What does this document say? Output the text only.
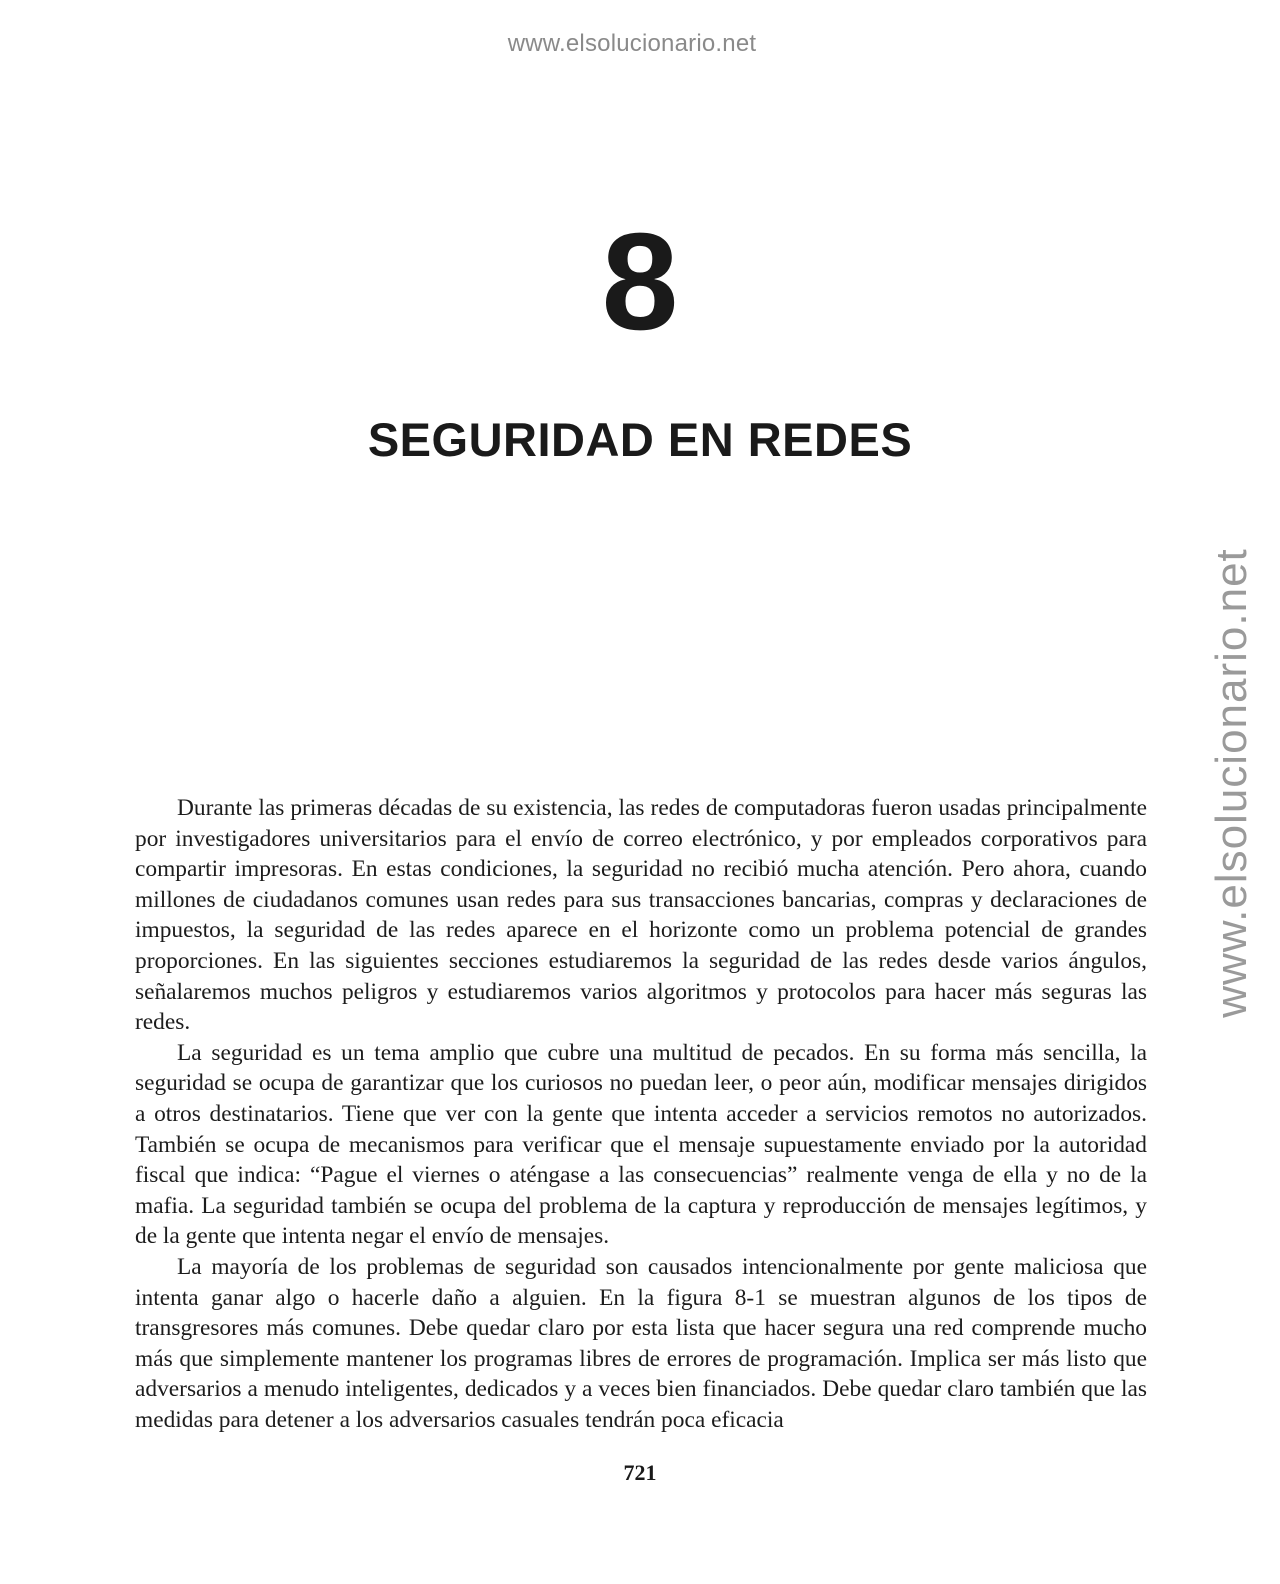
www.elsolucionario.net
www.elsolucionario.net
8
SEGURIDAD EN REDES

Durante las primeras décadas de su existencia, las redes de computadoras fueron usadas principalmente por investigadores universitarios para el envío de correo electrónico, y por empleados corporativos para compartir impresoras. En estas condiciones, la seguridad no recibió mucha atención. Pero ahora, cuando millones de ciudadanos comunes usan redes para sus transacciones bancarias, compras y declaraciones de impuestos, la seguridad de las redes aparece en el horizonte como un problema potencial de grandes proporciones. En las siguientes secciones estudiaremos la seguridad de las redes desde varios ángulos, señalaremos muchos peligros y estudiaremos varios algoritmos y protocolos para hacer más seguras las redes.

La seguridad es un tema amplio que cubre una multitud de pecados. En su forma más sencilla, la seguridad se ocupa de garantizar que los curiosos no puedan leer, o peor aún, modificar mensajes dirigidos a otros destinatarios. Tiene que ver con la gente que intenta acceder a servicios remotos no autorizados. También se ocupa de mecanismos para verificar que el mensaje supuestamente enviado por la autoridad fiscal que indica: “Pague el viernes o aténgase a las consecuencias” realmente venga de ella y no de la mafia. La seguridad también se ocupa del problema de la captura y reproducción de mensajes legítimos, y de la gente que intenta negar el envío de mensajes.

La mayoría de los problemas de seguridad son causados intencionalmente por gente maliciosa que intenta ganar algo o hacerle daño a alguien. En la figura 8-1 se muestran algunos de los tipos de transgresores más comunes. Debe quedar claro por esta lista que hacer segura una red comprende mucho más que simplemente mantener los programas libres de errores de programación. Implica ser más listo que adversarios a menudo inteligentes, dedicados y a veces bien financiados. Debe quedar claro también que las medidas para detener a los adversarios casuales tendrán poca eficacia

721
